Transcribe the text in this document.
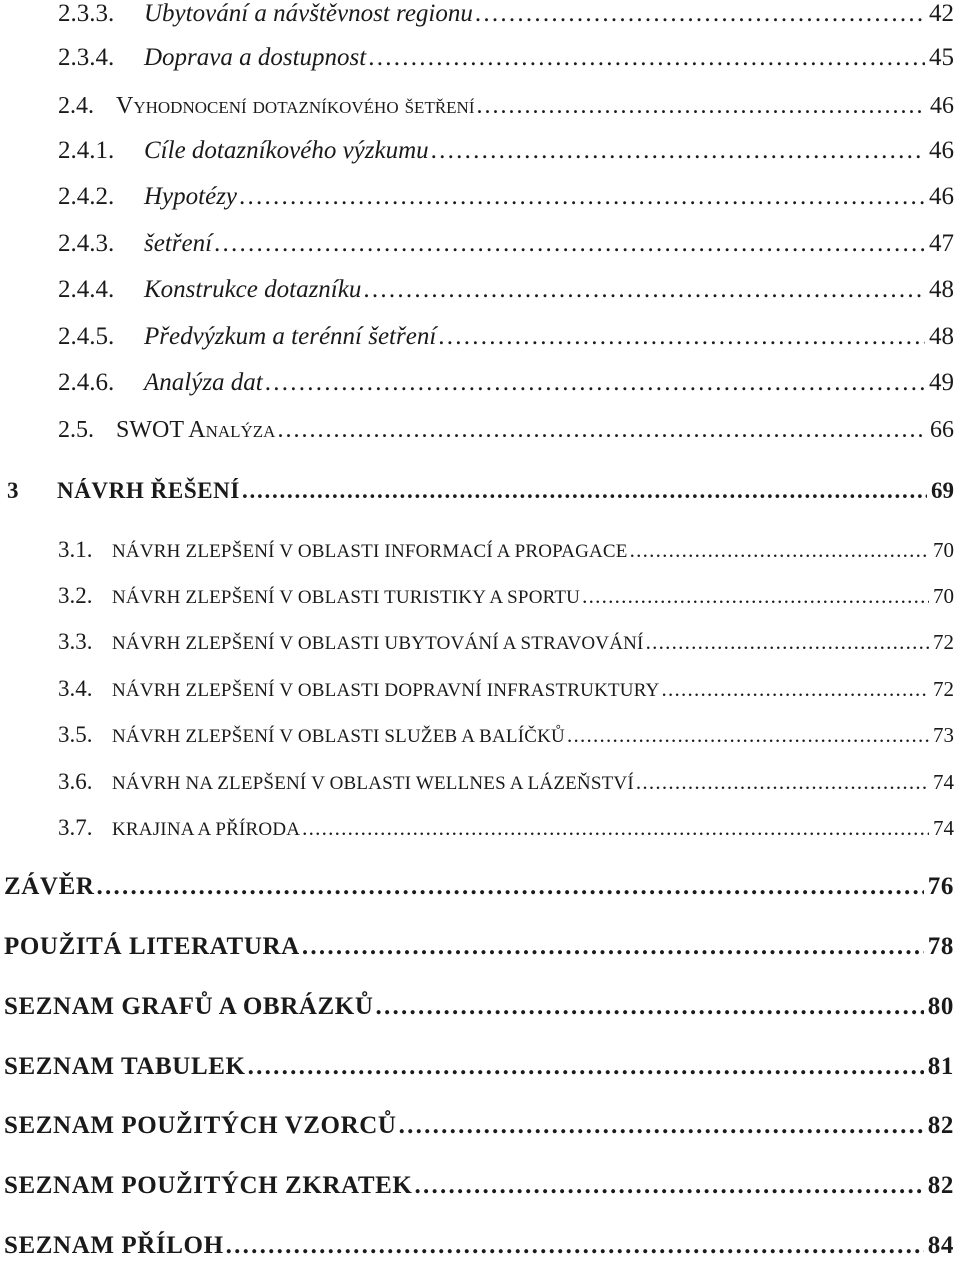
2.3.3.	Ubytování a návštěvnost regionu . . .	42
2.3.4.	Doprava a dostupnost . . .	45
2.4. Vyhodnocení dotazníkového šetření . . .	46
2.4.1.	Cíle dotazníkového výzkumu . . .	46
2.4.2.	Hypotézy . . .	46
2.4.3.	šetření . . .	47
2.4.4.	Konstrukce dotazníku . . .	48
2.4.5.	Předvýzkum a terénní šetření . . .	48
2.4.6.	Analýza dat . . .	49
2.5. SWOT Analýza . . .	66
3	NÁVRH ŘEŠENÍ . . .	69
3.1.	NÁVRH ZLEPŠENÍ V OBLASTI INFORMACÍ A PROPAGACE . . .	70
3.2.	NÁVRH ZLEPŠENÍ V OBLASTI TURISTIKY A SPORTU . . .	70
3.3.	NÁVRH ZLEPŠENÍ V OBLASTI UBYTOVÁNÍ A STRAVOVÁNÍ . . .	72
3.4.	NÁVRH ZLEPŠENÍ V OBLASTI DOPRAVNÍ INFRASTRUKTURY . . .	72
3.5.	NÁVRH ZLEPŠENÍ V OBLASTI SLUŽEB A BALÍČKŮ . . .	73
3.6.	NÁVRH NA ZLEPŠENÍ V OBLASTI WELLNES A LÁZEŇSTVÍ . . .	74
3.7.	KRAJINA A PŘÍRODA . . .	74
ZÁVĚR . . .	76
POUŽITÁ LITERATURA . . .	78
SEZNAM GRAFŮ A OBRÁZKŮ . . .	80
SEZNAM TABULEK . . .	81
SEZNAM POUŽITÝCH VZORCŮ . . .	82
SEZNAM POUŽITÝCH ZKRATEK . . .	82
SEZNAM PŘÍLOH . . .	84
